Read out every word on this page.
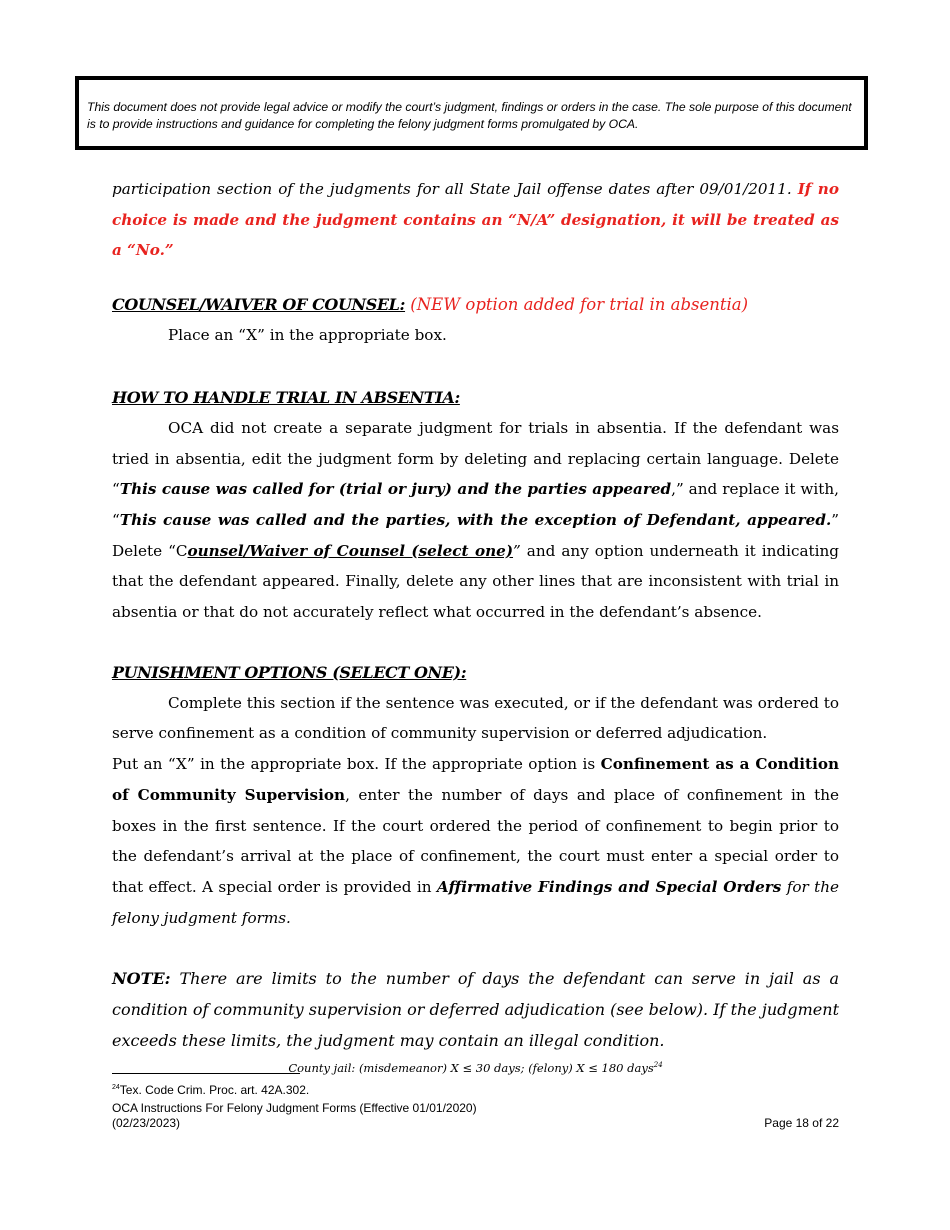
This document does not provide legal advice or modify the court’s judgment, findings or orders in the case. The sole purpose of this document is to provide instructions and guidance for completing the felony judgment forms promulgated by OCA.

participation section of the judgments for all State Jail offense dates after 09/01/2011. If no choice is made and the judgment contains an “N/A” designation, it will be treated as a “No.”

COUNSEL/WAIVER OF COUNSEL: (NEW option added for trial in absentia)

Place an “X” in the appropriate box.

HOW TO HANDLE TRIAL IN ABSENTIA:

OCA did not create a separate judgment for trials in absentia. If the defendant was tried in absentia, edit the judgment form by deleting and replacing certain language. Delete “This cause was called for (trial or jury) and the parties appeared,” and replace it with, “This cause was called and the parties, with the exception of Defendant, appeared.” Delete “Counsel/Waiver of Counsel (select one)” and any option underneath it indicating that the defendant appeared. Finally, delete any other lines that are inconsistent with trial in absentia or that do not accurately reflect what occurred in the defendant’s absence.

PUNISHMENT OPTIONS (SELECT ONE):

Complete this section if the sentence was executed, or if the defendant was ordered to serve confinement as a condition of community supervision or deferred adjudication.

Put an “X” in the appropriate box. If the appropriate option is Confinement as a Condition of Community Supervision, enter the number of days and place of confinement in the boxes in the first sentence. If the court ordered the period of confinement to begin prior to the defendant’s arrival at the place of confinement, the court must enter a special order to that effect. A special order is provided in Affirmative Findings and Special Orders for the felony judgment forms.

NOTE: There are limits to the number of days the defendant can serve in jail as a condition of community supervision or deferred adjudication (see below). If the judgment exceeds these limits, the judgment may contain an illegal condition.

County jail: (misdemeanor) X ≤ 30 days; (felony) X ≤ 180 days$^{24}$
$^{24}$Tex. Code Crim. Proc. art. 42A.302.
OCA Instructions For Felony Judgment Forms (Effective 01/01/2020)
(02/23/2023)	Page 18 of 22
